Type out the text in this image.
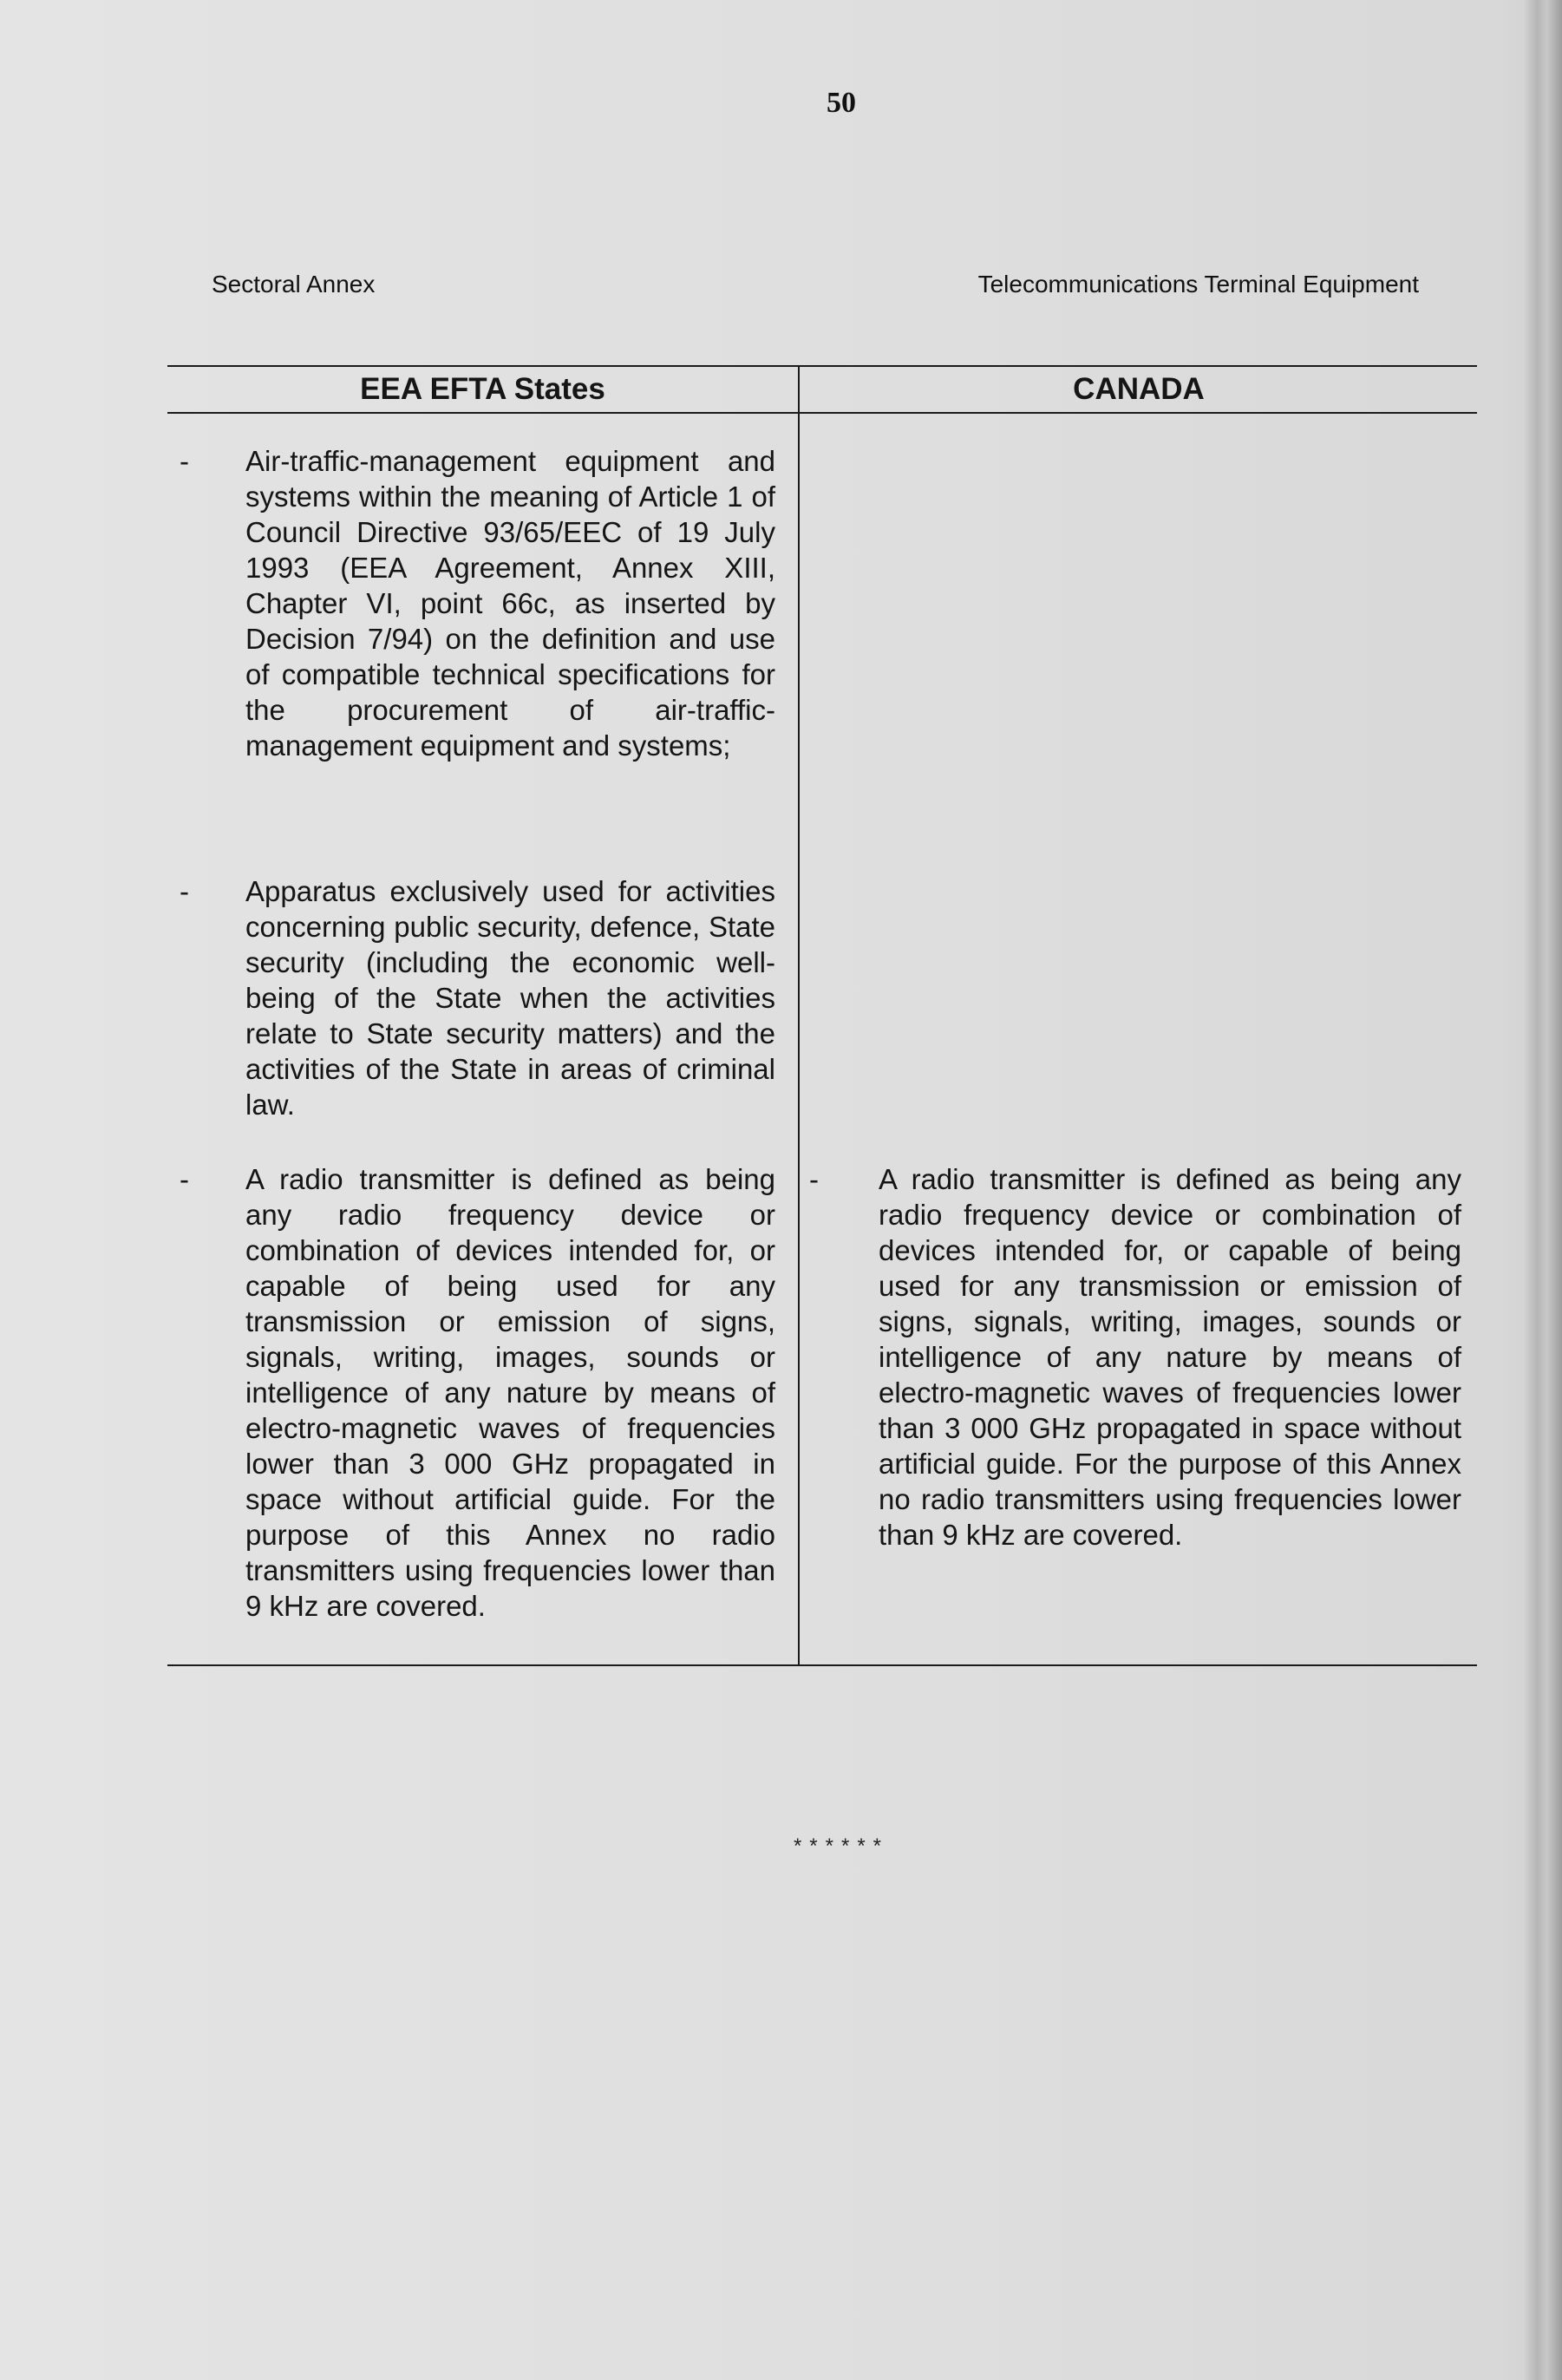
50
Sectoral Annex	Telecommunications Terminal Equipment
EEA EFTA States	CANADA
- Air-traffic-management equipment and systems within the meaning of Article 1 of Council Directive 93/65/EEC of 19 July 1993 (EEA Agreement, Annex XIII, Chapter VI, point 66c, as inserted by Decision 7/94) on the definition and use of compatible technical specifications for the procurement of air-traffic-management equipment and systems;
- Apparatus exclusively used for activities concerning public security, defence, State security (including the economic well-being of the State when the activities relate to State security matters) and the activities of the State in areas of criminal law.
- A radio transmitter is defined as being any radio frequency device or combination of devices intended for, or capable of being used for any transmission or emission of signs, signals, writing, images, sounds or intelligence of any nature by means of electro-magnetic waves of frequencies lower than 3 000 GHz propagated in space without artificial guide. For the purpose of this Annex no radio transmitters using frequencies lower than 9 kHz are covered.
- A radio transmitter is defined as being any radio frequency device or combination of devices intended for, or capable of being used for any transmission or emission of signs, signals, writing, images, sounds or intelligence of any nature by means of electro-magnetic waves of frequencies lower than 3 000 GHz propagated in space without artificial guide. For the purpose of this Annex no radio transmitters using frequencies lower than 9 kHz are covered.
******
